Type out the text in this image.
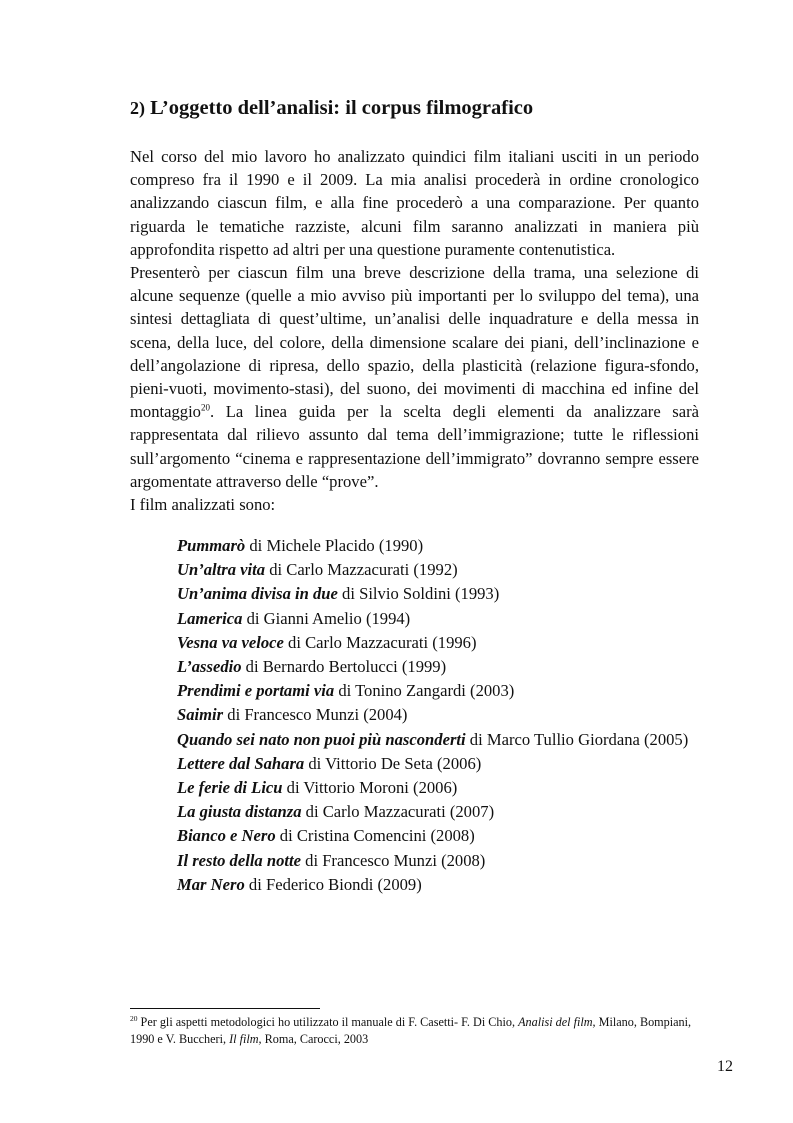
2) L’oggetto dell’analisi: il corpus filmografico

Nel corso del mio lavoro ho analizzato quindici film italiani usciti in un periodo compreso fra il 1990 e il 2009. La mia analisi procederà in ordine cronologico analizzando ciascun film, e alla fine procederò a una comparazione. Per quanto riguarda le tematiche razziste, alcuni film saranno analizzati in maniera più approfondita rispetto ad altri per una questione puramente contenutistica.

Presenterò per ciascun film una breve descrizione della trama, una selezione di alcune sequenze (quelle a mio avviso più importanti per lo sviluppo del tema), una sintesi dettagliata di quest’ultime, un’analisi delle inquadrature e della messa in scena, della luce, del colore, della dimensione scalare dei piani, dell’inclinazione e dell’angolazione di ripresa, dello spazio, della plasticità (relazione figura-sfondo, pieni-vuoti, movimento-stasi), del suono, dei movimenti di macchina ed infine del montaggio$^{20}$. La linea guida per la scelta degli elementi da analizzare sarà rappresentata dal rilievo assunto dal tema dell’immigrazione; tutte le riflessioni sull’argomento “cinema e rappresentazione dell’immigrato” dovranno sempre essere argomentate attraverso delle “prove”.

I film analizzati sono:

Pummarò di Michele Placido (1990)
Un’altra vita di Carlo Mazzacurati (1992)
Un’anima divisa in due di Silvio Soldini (1993)
Lamerica di Gianni Amelio (1994)
Vesna va veloce di Carlo Mazzacurati (1996)
L’assedio di Bernardo Bertolucci (1999)
Prendimi e portami via di Tonino Zangardi (2003)
Saimir di Francesco Munzi (2004)
Quando sei nato non puoi più nasconderti di Marco Tullio Giordana (2005)
Lettere dal Sahara di Vittorio De Seta (2006)
Le ferie di Licu di Vittorio Moroni (2006)
La giusta distanza di Carlo Mazzacurati (2007)
Bianco e Nero di Cristina Comencini (2008)
Il resto della notte di Francesco Munzi (2008)
Mar Nero di Federico Biondi (2009)

$^{20}$ Per gli aspetti metodologici ho utilizzato il manuale di F. Casetti- F. Di Chio, Analisi del film, Milano, Bompiani, 1990 e V. Buccheri, Il film, Roma, Carocci, 2003

12
